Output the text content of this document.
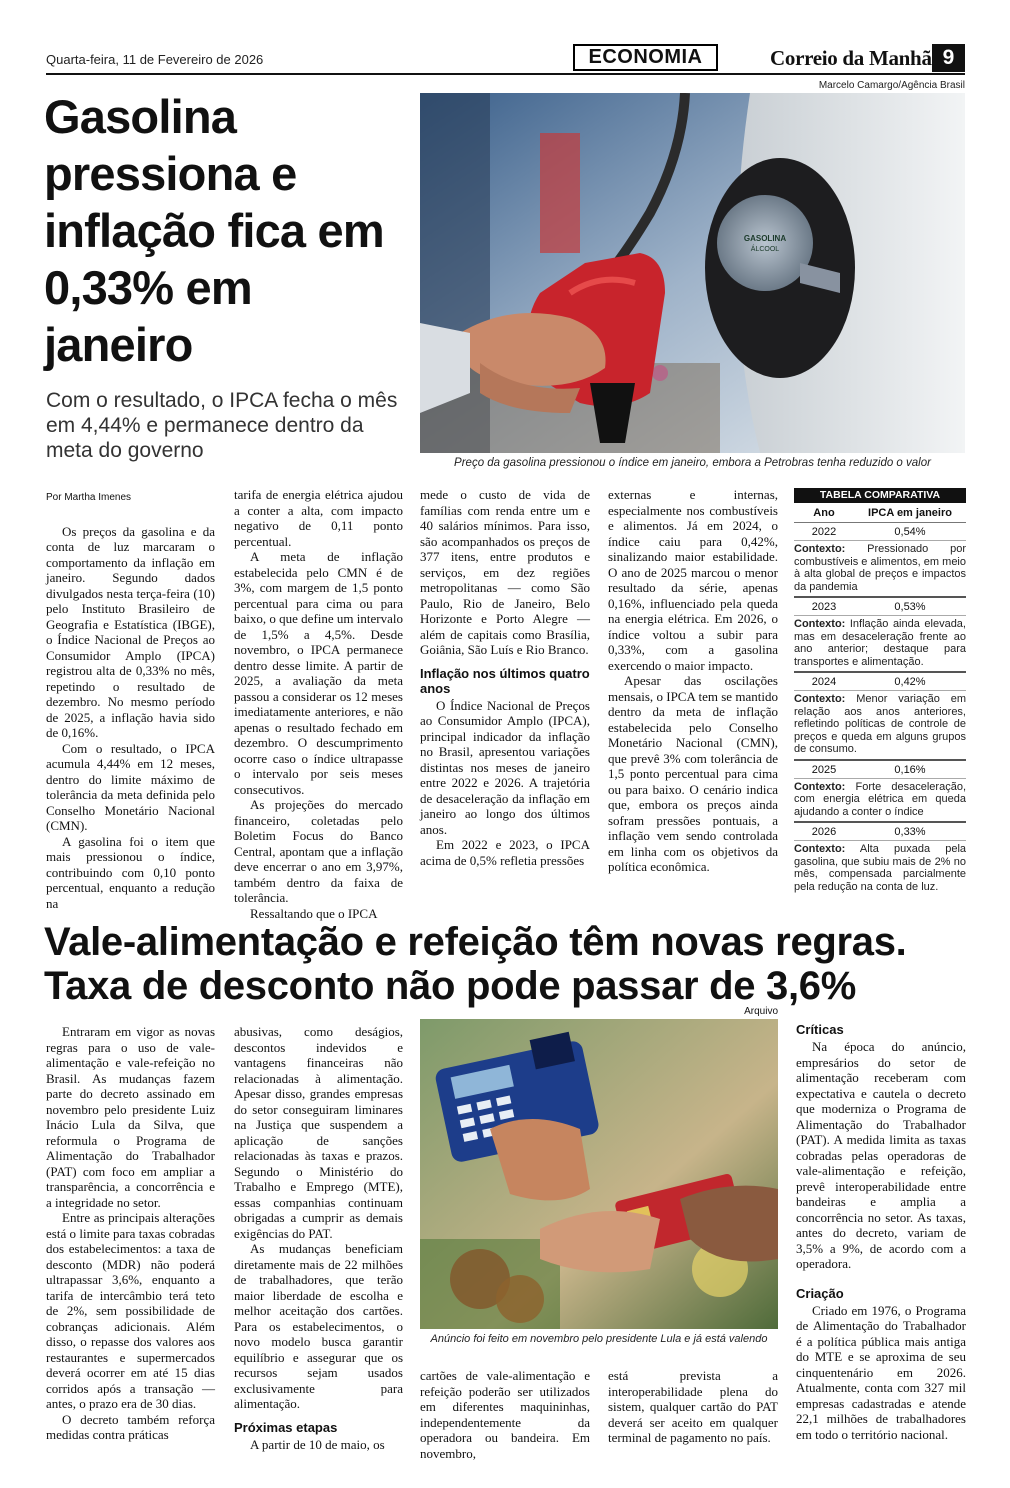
Quarta-feira, 11 de Fevereiro de 2026	ECONOMIA	Correio da Manhã 9
Gasolina pressiona e inflação fica em 0,33% em janeiro
Com o resultado, o IPCA fecha o mês em 4,44% e permanece dentro da meta do governo
Marcelo Camargo/Agência Brasil
GASOLINA
ÁLCOOL
Preço da gasolina pressionou o índice em janeiro, embora a Petrobras tenha reduzido o valor

Por Martha Imenes

Os preços da gasolina e da conta de luz marcaram o comportamento da inflação em janeiro. Segundo dados divulgados nesta terça-feira (10) pelo Instituto Brasileiro de Geografia e Estatística (IBGE), o Índice Nacional de Preços ao Consumidor Amplo (IPCA) registrou alta de 0,33% no mês, repetindo o resultado de dezembro. No mesmo período de 2025, a inflação havia sido de 0,16%.

Com o resultado, o IPCA acumula 4,44% em 12 meses, dentro do limite máximo de tolerância da meta definida pelo Conselho Monetário Nacional (CMN).

A gasolina foi o item que mais pressionou o índice, contribuindo com 0,10 ponto percentual, enquanto a redução na

tarifa de energia elétrica ajudou a conter a alta, com impacto negativo de 0,11 ponto percentual.

A meta de inflação estabelecida pelo CMN é de 3%, com margem de 1,5 ponto percentual para cima ou para baixo, o que define um intervalo de 1,5% a 4,5%. Desde novembro, o IPCA permanece dentro desse limite. A partir de 2025, a avaliação da meta passou a considerar os 12 meses imediatamente anteriores, e não apenas o resultado fechado em dezembro. O descumprimento ocorre caso o índice ultrapasse o intervalo por seis meses consecutivos.

As projeções do mercado financeiro, coletadas pelo Boletim Focus do Banco Central, apontam que a inflação deve encerrar o ano em 3,97%, também dentro da faixa de tolerância.

Ressaltando que o IPCA

mede o custo de vida de famílias com renda entre um e 40 salários mínimos. Para isso, são acompanhados os preços de 377 itens, entre produtos e serviços, em dez regiões metropolitanas — como São Paulo, Rio de Janeiro, Belo Horizonte e Porto Alegre — além de capitais como Brasília, Goiânia, São Luís e Rio Branco.

Inflação nos últimos quatro anos

O Índice Nacional de Preços ao Consumidor Amplo (IPCA), principal indicador da inflação no Brasil, apresentou variações distintas nos meses de janeiro entre 2022 e 2026. A trajetória de desaceleração da inflação em janeiro ao longo dos últimos anos.

Em 2022 e 2023, o IPCA acima de 0,5% refletia pressões

externas e internas, especialmente nos combustíveis e alimentos. Já em 2024, o índice caiu para 0,42%, sinalizando maior estabilidade. O ano de 2025 marcou o menor resultado da série, apenas 0,16%, influenciado pela queda na energia elétrica. Em 2026, o índice voltou a subir para 0,33%, com a gasolina exercendo o maior impacto.

Apesar das oscilações mensais, o IPCA tem se mantido dentro da meta de inflação estabelecida pelo Conselho Monetário Nacional (CMN), que prevê 3% com tolerância de 1,5 ponto percentual para cima ou para baixo. O cenário indica que, embora os preços ainda sofram pressões pontuais, a inflação vem sendo controlada em linha com os objetivos da política econômica.

TABELA COMPARATIVA
Ano	IPCA em janeiro
2022	0,54%
Contexto: Pressionado por combustíveis e alimentos, em meio à alta global de preços e impactos da pandemia
2023	0,53%
Contexto: Inflação ainda elevada, mas em desaceleração frente ao ano anterior; destaque para transportes e alimentação.
2024	0,42%
Contexto: Menor variação em relação aos anos anteriores, refletindo políticas de controle de preços e queda em alguns grupos de consumo.
2025	0,16%
Contexto: Forte desaceleração, com energia elétrica em queda ajudando a conter o índice
2026	0,33%
Contexto: Alta puxada pela gasolina, que subiu mais de 2% no mês, compensada parcialmente pela redução na conta de luz.
Vale-alimentação e refeição têm novas regras.
Taxa de desconto não pode passar de 3,6%
Arquivo
Anúncio foi feito em novembro pelo presidente Lula e já está valendo

Entraram em vigor as novas regras para o uso de vale-alimentação e vale-refeição no Brasil. As mudanças fazem parte do decreto assinado em novembro pelo presidente Luiz Inácio Lula da Silva, que reformula o Programa de Alimentação do Trabalhador (PAT) com foco em ampliar a transparência, a concorrência e a integridade no setor.

Entre as principais alterações está o limite para taxas cobradas dos estabelecimentos: a taxa de desconto (MDR) não poderá ultrapassar 3,6%, enquanto a tarifa de intercâmbio terá teto de 2%, sem possibilidade de cobranças adicionais. Além disso, o repasse dos valores aos restaurantes e supermercados deverá ocorrer em até 15 dias corridos após a transação — antes, o prazo era de 30 dias.

O decreto também reforça medidas contra práticas

abusivas, como deságios, descontos indevidos e vantagens financeiras não relacionadas à alimentação. Apesar disso, grandes empresas do setor conseguiram liminares na Justiça que suspendem a aplicação de sanções relacionadas às taxas e prazos. Segundo o Ministério do Trabalho e Emprego (MTE), essas companhias continuam obrigadas a cumprir as demais exigências do PAT.

As mudanças beneficiam diretamente mais de 22 milhões de trabalhadores, que terão maior liberdade de escolha e melhor aceitação dos cartões. Para os estabelecimentos, o novo modelo busca garantir equilíbrio e assegurar que os recursos sejam usados exclusivamente para alimentação.

Próximas etapas

A partir de 10 de maio, os

cartões de vale-alimentação e refeição poderão ser utilizados em diferentes maquininhas, independentemente da operadora ou bandeira. Em novembro,

está prevista a interoperabilidade plena do sistem, qualquer cartão do PAT deverá ser aceito em qualquer terminal de pagamento no país.

Críticas

Na época do anúncio, empresários do setor de alimentação receberam com expectativa e cautela o decreto que moderniza o Programa de Alimentação do Trabalhador (PAT). A medida limita as taxas cobradas pelas operadoras de vale-alimentação e refeição, prevê interoperabilidade entre bandeiras e amplia a concorrência no setor. As taxas, antes do decreto, variam de 3,5% a 9%, de acordo com a operadora.

Criação

Criado em 1976, o Programa de Alimentação do Trabalhador é a política pública mais antiga do MTE e se aproxima de seu cinquentenário em 2026. Atualmente, conta com 327 mil empresas cadastradas e atende 22,1 milhões de trabalhadores em todo o território nacional.
